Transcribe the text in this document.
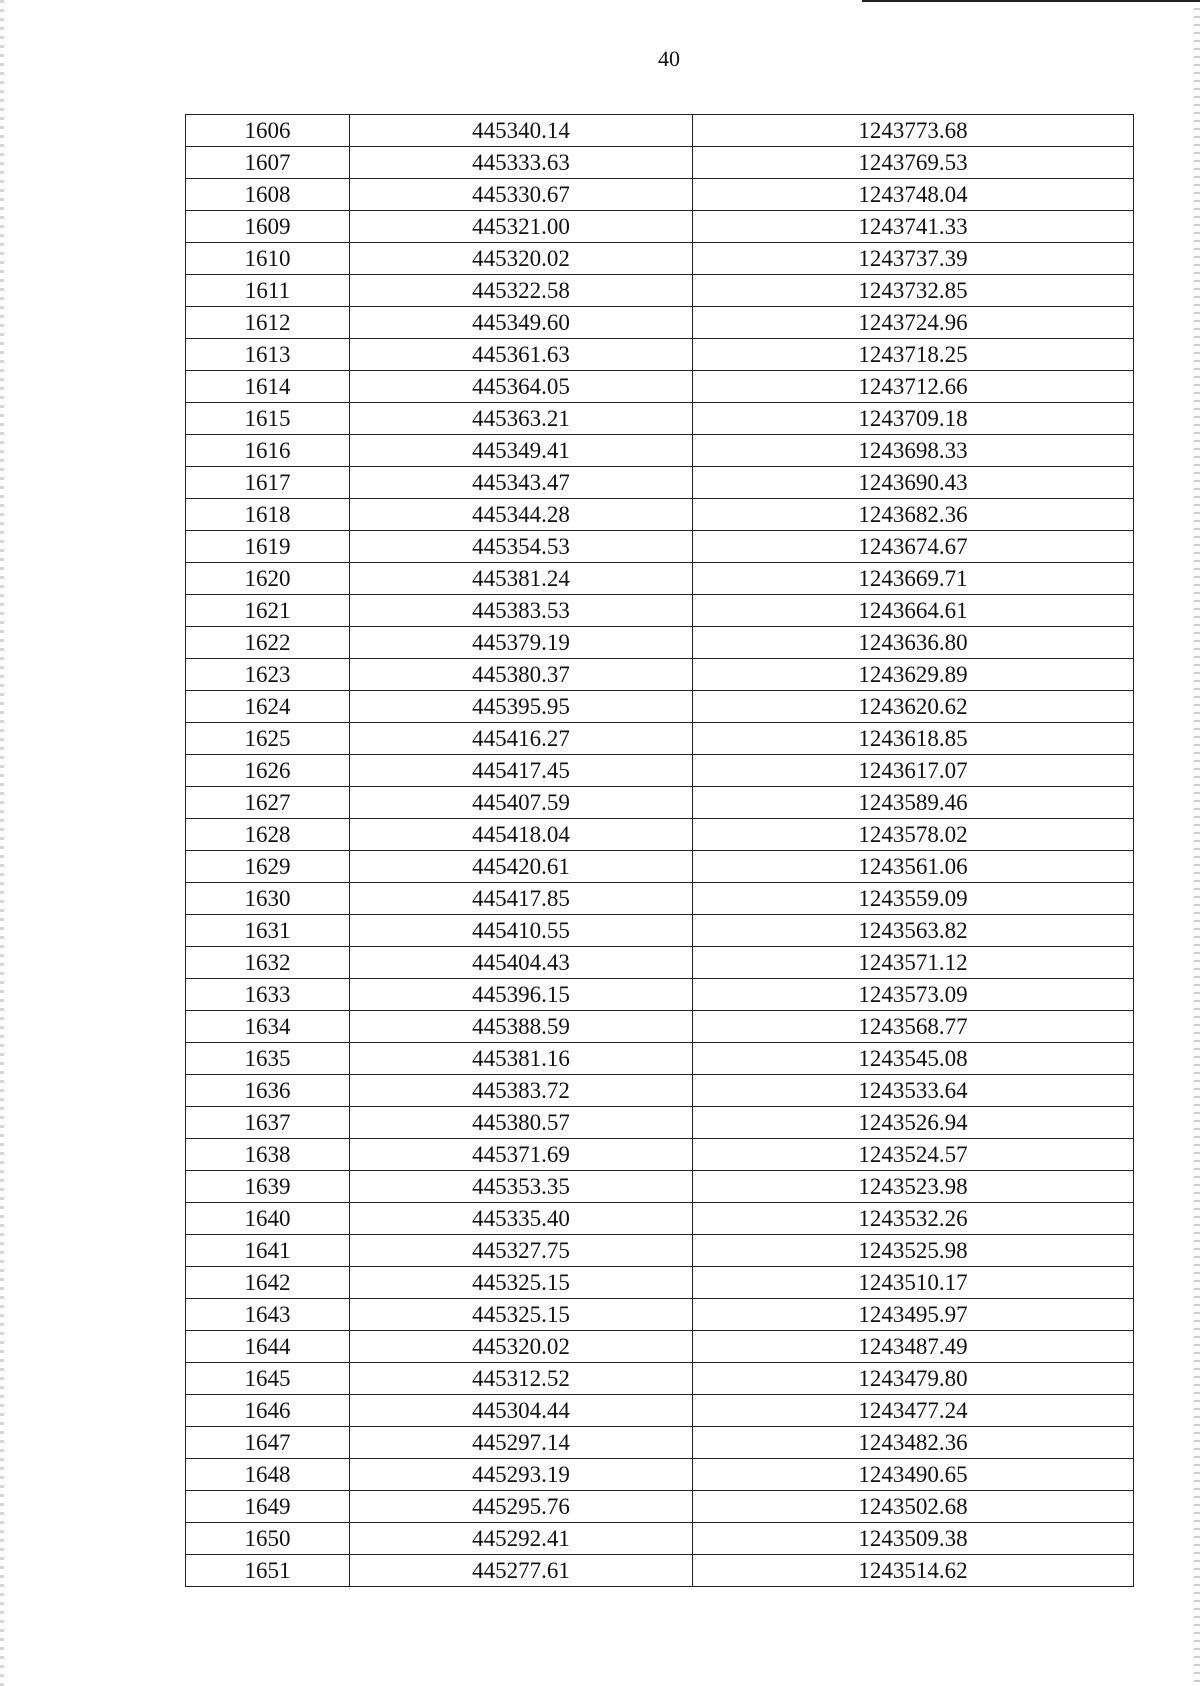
40
1606	445340.14	1243773.68
1607	445333.63	1243769.53
1608	445330.67	1243748.04
1609	445321.00	1243741.33
1610	445320.02	1243737.39
1611	445322.58	1243732.85
1612	445349.60	1243724.96
1613	445361.63	1243718.25
1614	445364.05	1243712.66
1615	445363.21	1243709.18
1616	445349.41	1243698.33
1617	445343.47	1243690.43
1618	445344.28	1243682.36
1619	445354.53	1243674.67
1620	445381.24	1243669.71
1621	445383.53	1243664.61
1622	445379.19	1243636.80
1623	445380.37	1243629.89
1624	445395.95	1243620.62
1625	445416.27	1243618.85
1626	445417.45	1243617.07
1627	445407.59	1243589.46
1628	445418.04	1243578.02
1629	445420.61	1243561.06
1630	445417.85	1243559.09
1631	445410.55	1243563.82
1632	445404.43	1243571.12
1633	445396.15	1243573.09
1634	445388.59	1243568.77
1635	445381.16	1243545.08
1636	445383.72	1243533.64
1637	445380.57	1243526.94
1638	445371.69	1243524.57
1639	445353.35	1243523.98
1640	445335.40	1243532.26
1641	445327.75	1243525.98
1642	445325.15	1243510.17
1643	445325.15	1243495.97
1644	445320.02	1243487.49
1645	445312.52	1243479.80
1646	445304.44	1243477.24
1647	445297.14	1243482.36
1648	445293.19	1243490.65
1649	445295.76	1243502.68
1650	445292.41	1243509.38
1651	445277.61	1243514.62
